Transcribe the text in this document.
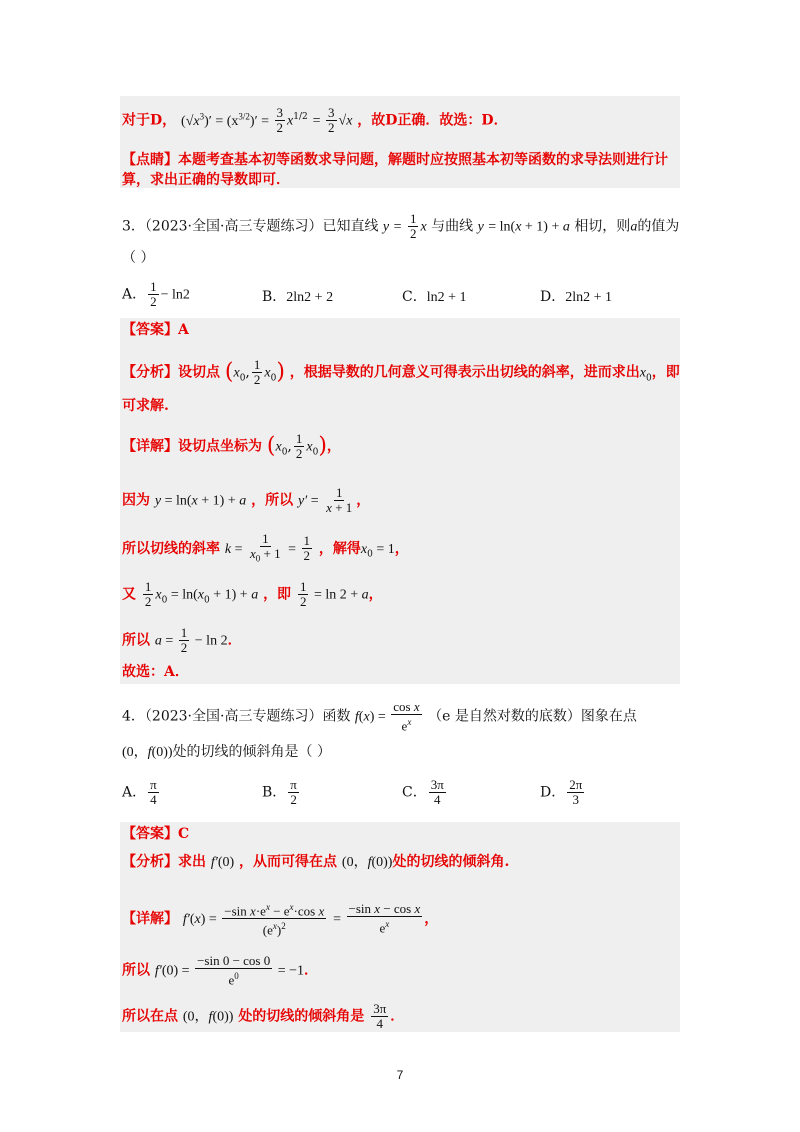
对于D， $(√x^3)' = (x^{3/2})' = \frac{3}{2} x^{1/2} = \frac{3}{2} √x$ ，故D正确．故选：D．
【点睛】本题考查基本初等函数求导问题，解题时应按照基本初等函数的求导法则进行计
算，求出正确的导数即可．
3．（2023·全国·高三专题练习）已知直线 $y = \frac{1}{2}$ x 与曲线 y = ln(x + 1) + a 相切，则a的值为
（ ）
A． $\frac{1}{2} - \ln 2$	B．2ln2 + 2	C．ln2 + 1	D．2ln2 + 1
【答案】A
【分析】设切点 ($x_0$, $\frac{1}{2} x_0$) ，根据导数的几何意义可得表示出切线的斜率，进而求出$x_0$，即
可求解.
【详解】设切点坐标为 ($x_0$, $\frac{1}{2} x_0$)，
因为 y = ln(x + 1) + a ，所以 $y' = \frac{1}{x + 1}$ ，
所以切线的斜率 $k = \frac{1}{x_0 + 1} = \frac{1}{2}$ ，解得$x_0 = 1$，
又 $\frac{1}{2} x_0 = \ln(x_0 + 1) + a$ ，即 $\frac{1}{2} = \ln 2 + a$，
所以 $a = \frac{1}{2} - \ln 2$．
故选：A．
4．（2023·全国·高三专题练习）函数 $f(x) = \frac{\text{cos x}}{e^x} (e$ 是自然对数的底数）图象在点
(0，f(0))处的切线的倾斜角是（ ）
A． $\frac{\pi}{4}$	B． $\frac{\pi}{2}$	C． $\frac{3\pi}{4}$	D． $\frac{2\pi}{3}$
【答案】C
【分析】求出 f′(0) ，从而可得在点 (0，f(0))处的切线的倾斜角.
【详解】 $f'(x) = \frac{-\sin x\cdot e^x - e^x\cdot\cos x}{(e^x)^2} = \frac{\text{−sin x − cos x}}{e^x}$ ，
所以 $f'(0) = \frac{-\sin 0 - \cos 0}{e^0} = -1$．
所以在点 (0，f(0)) 处的切线的倾斜角是 $\frac{3\pi}{4}$ ．
7
